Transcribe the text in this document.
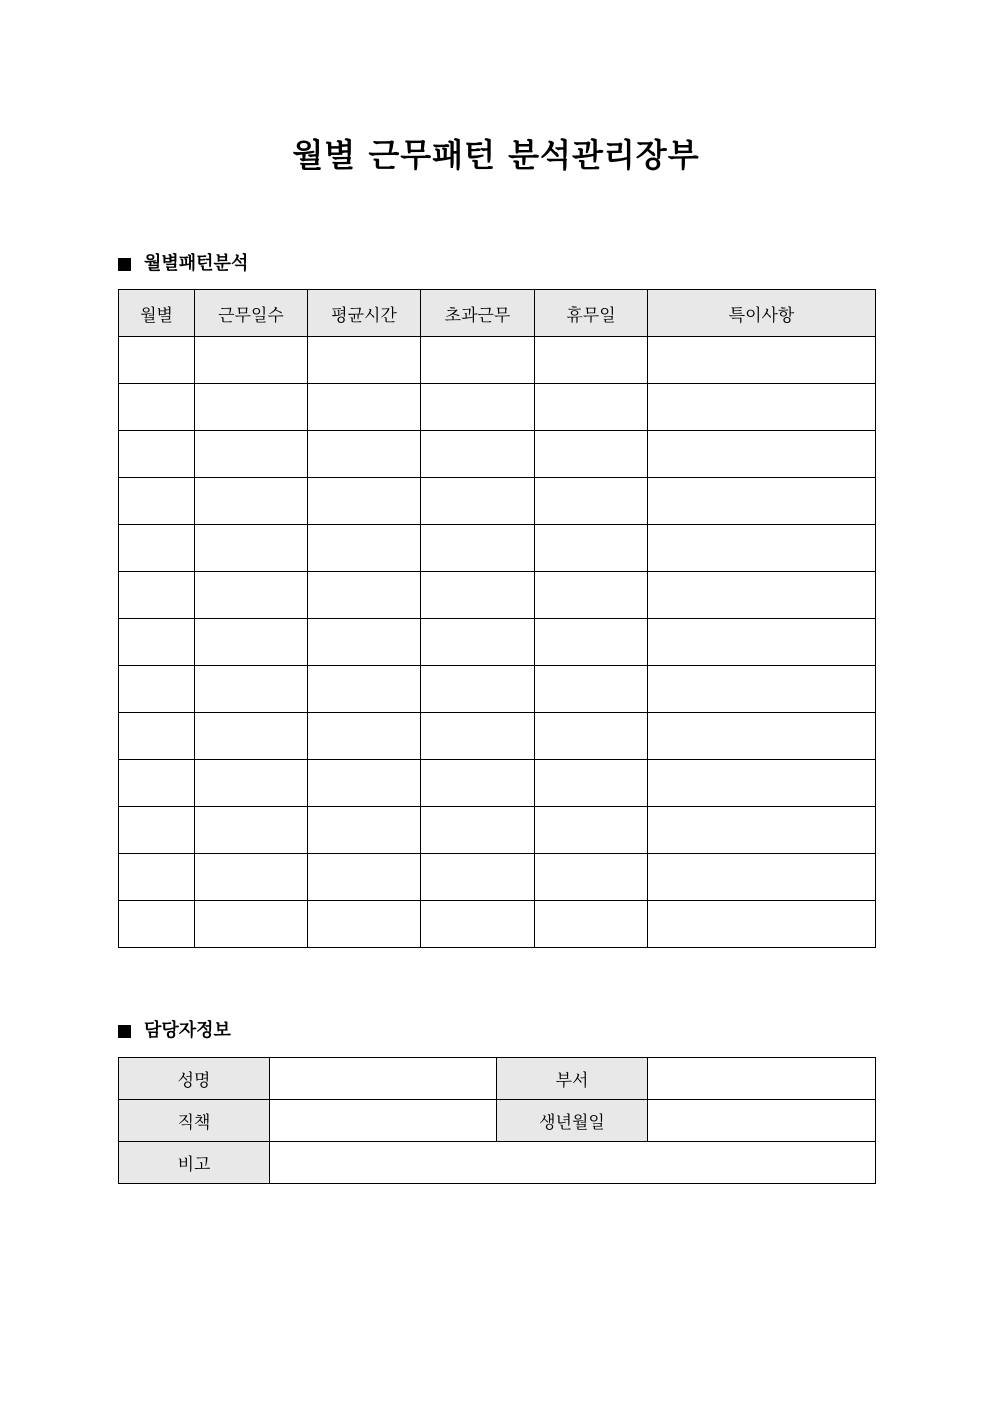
월별 근무패턴 분석관리장부
월별패턴분석
월별	근무일수	평균시간	초과근무	휴무일	특이사항

담당자정보
성명		부서	
직책		생년월일	
비고			
